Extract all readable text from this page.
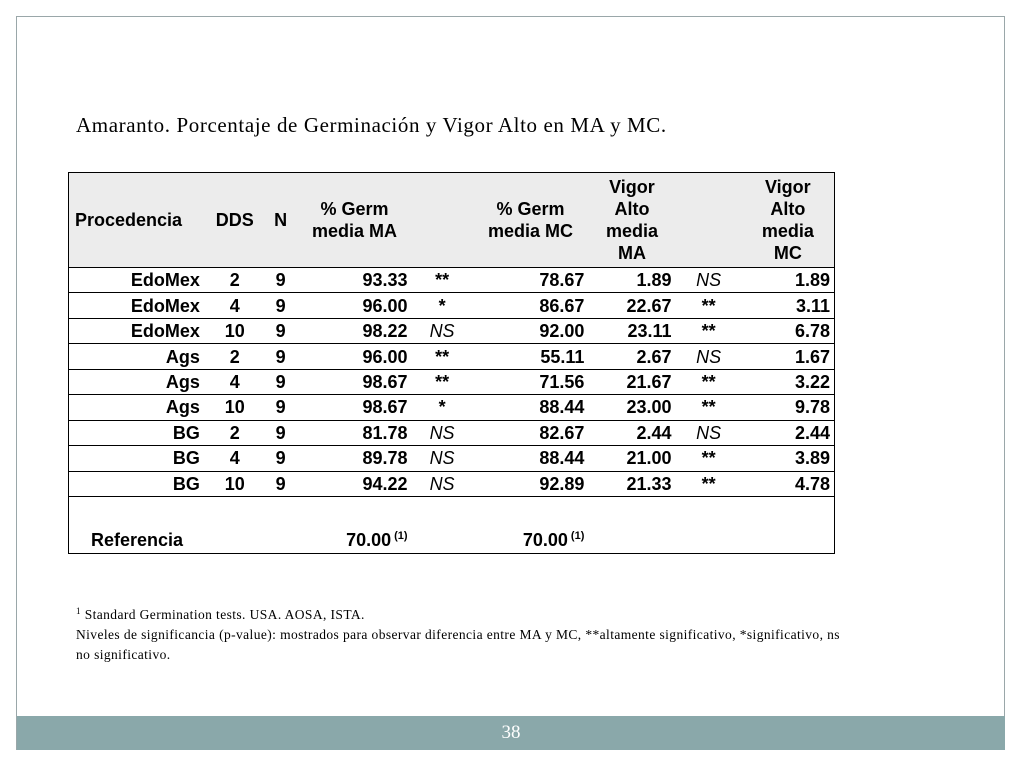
Amaranto. Porcentaje de Germinación y Vigor Alto en MA y MC.
Procedencia	DDS	N	% Germ media MA		% Germ media MC	Vigor Alto media MA		Vigor Alto media MC
EdoMex	2	9	93.33	**	78.67	1.89	NS	1.89
EdoMex	4	9	96.00	*	86.67	22.67	**	3.11
EdoMex	10	9	98.22	NS	92.00	23.11	**	6.78
Ags	2	9	96.00	**	55.11	2.67	NS	1.67
Ags	4	9	98.67	**	71.56	21.67	**	3.22
Ags	10	9	98.67	*	88.44	23.00	**	9.78
BG	2	9	81.78	NS	82.67	2.44	NS	2.44
BG	4	9	89.78	NS	88.44	21.00	**	3.89
BG	10	9	94.22	NS	92.89	21.33	**	4.78

Referencia			70.00 $^{(1)}$		70.00 $^{(1)}$			

$^1$ Standard Germination tests. USA. AOSA, ISTA.

Niveles de significancia (p-value): mostrados para observar diferencia entre MA y MC, **altamente significativo, *significativo, ns no significativo.

38
